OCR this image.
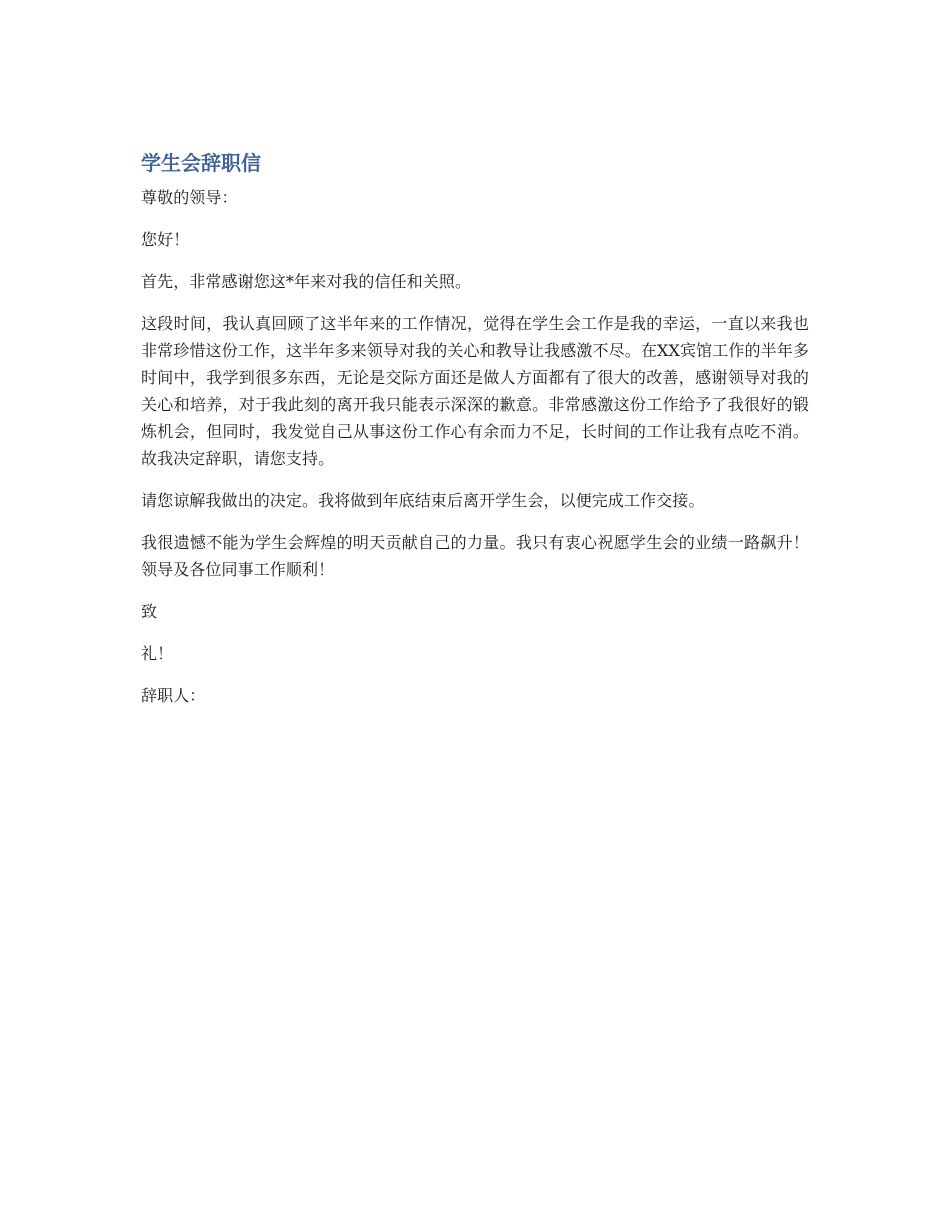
学生会辞职信

尊敬的领导：

您好！

首先，非常感谢您这*年来对我的信任和关照。

这段时间，我认真回顾了这半年来的工作情况，觉得在学生会工作是我的幸运，一直以来我也非常珍惜这份工作，这半年多来领导对我的关心和教导让我感激不尽。在XX宾馆工作的半年多时间中，我学到很多东西，无论是交际方面还是做人方面都有了很大的改善，感谢领导对我的关心和培养，对于我此刻的离开我只能表示深深的歉意。非常感激这份工作给予了我很好的锻炼机会，但同时，我发觉自己从事这份工作心有余而力不足，长时间的工作让我有点吃不消。故我决定辞职，请您支持。

请您谅解我做出的决定。我将做到年底结束后离开学生会，以便完成工作交接。

我很遗憾不能为学生会辉煌的明天贡献自己的力量。我只有衷心祝愿学生会的业绩一路飙升！领导及各位同事工作顺利！

致

礼！

辞职人：
